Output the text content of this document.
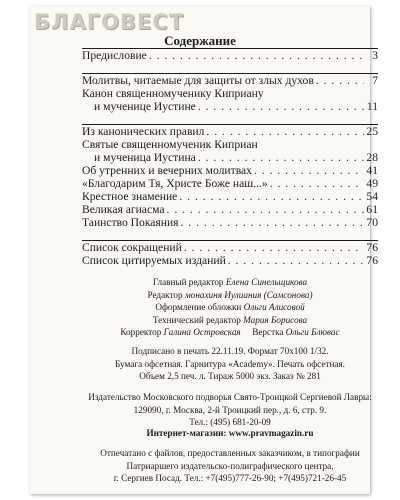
БЛАГОВЕСТ
Содержание
Предисловие . . .	3
Молитвы, читаемые для защиты от злых духов . . .	7
Канон священномученику Киприану
и мученице Иустине . . .	11
Из канонических правил . . .	25
Святые священномученик Киприан
и мученица Иустина . . .	28
Об утренних и вечерних молитвах . . .	41
«Благодарим Тя, Христе Боже наш...» . . .	49
Крестное знамение . . .	54
Великая агиасма . . .	61
Таинство Покаяния . . .	70
Список сокращений . . .	76
Список цитируемых изданий . . .	76
Главный редактор Елена Синельщикова
Редактор монахиня Иулиания (Самсонова)
Оформление обложки Ольги Алисовой
Технический редактор Мария Борисова
Корректор Галина Островская Верстка Ольги Блювас
Подписано в печать 22.11.19. Формат 70х100 1/32.
Бумага офсетная. Гарнитура «Academy». Печать офсетная.
Объем 2,5 печ. л. Тираж 5000 экз. Заказ № 281
Издательство Московского подворья Свято-Троицкой Сергиевой Лавры:
129090, г. Москва, 2-й Троицкий пер., д. 6, стр. 9.
Тел.: (495) 681-20-09
Интернет-магазин: www.pravmagazin.ru
Отпечатано с файлов, предоставленных заказчиком, в типографии
Патриаршего издательско-полиграфического центра,
г. Сергиев Посад. Тел.: +7(495)777-26-90; +7(495)721-26-45
